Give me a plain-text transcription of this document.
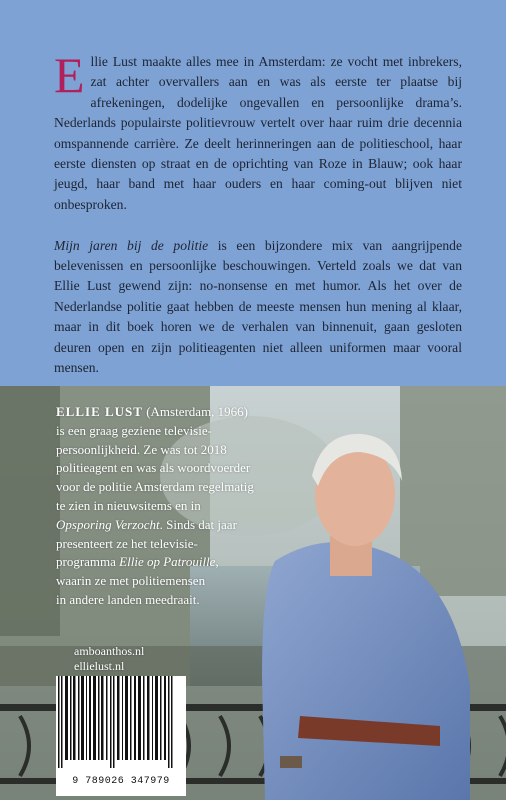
Ellie Lust maakte alles mee in Amsterdam: ze vocht met inbrekers, zat achter overvallers aan en was als eerste ter plaatse bij afrekeningen, dodelijke ongevallen en persoonlijke drama’s. Nederlands populairste politievrouw vertelt over haar ruim drie decennia omspannende carrière. Ze deelt herinneringen aan de politieschool, haar eerste diensten op straat en de oprichting van Roze in Blauw; ook haar jeugd, haar band met haar ouders en haar coming-out blijven niet onbesproken.

Mijn jaren bij de politie is een bijzondere mix van aangrijpende belevenissen en persoonlijke beschouwingen. Verteld zoals we dat van Ellie Lust gewend zijn: no-nonsense en met humor. Als het over de Nederlandse politie gaat hebben de meeste mensen hun mening al klaar, maar in dit boek horen we de verhalen van binnenuit, gaan gesloten deuren open en zijn politieagenten niet alleen uniformen maar vooral mensen.

ELLIE LUST (Amsterdam, 1966)
is een graag geziene televisie-
persoonlijkheid. Ze was tot 2018
politieagent en was als woordvoerder
voor de politie Amsterdam regelmatig
te zien in nieuwsitems en in
Opsporing Verzocht. Sinds dat jaar
presenteert ze het televisie-
programma Ellie op Patrouille,
waarin ze met politiemensen
in andere landen meedraait.
amboanthos.nl
ellielust.nl
9 789026 347979
